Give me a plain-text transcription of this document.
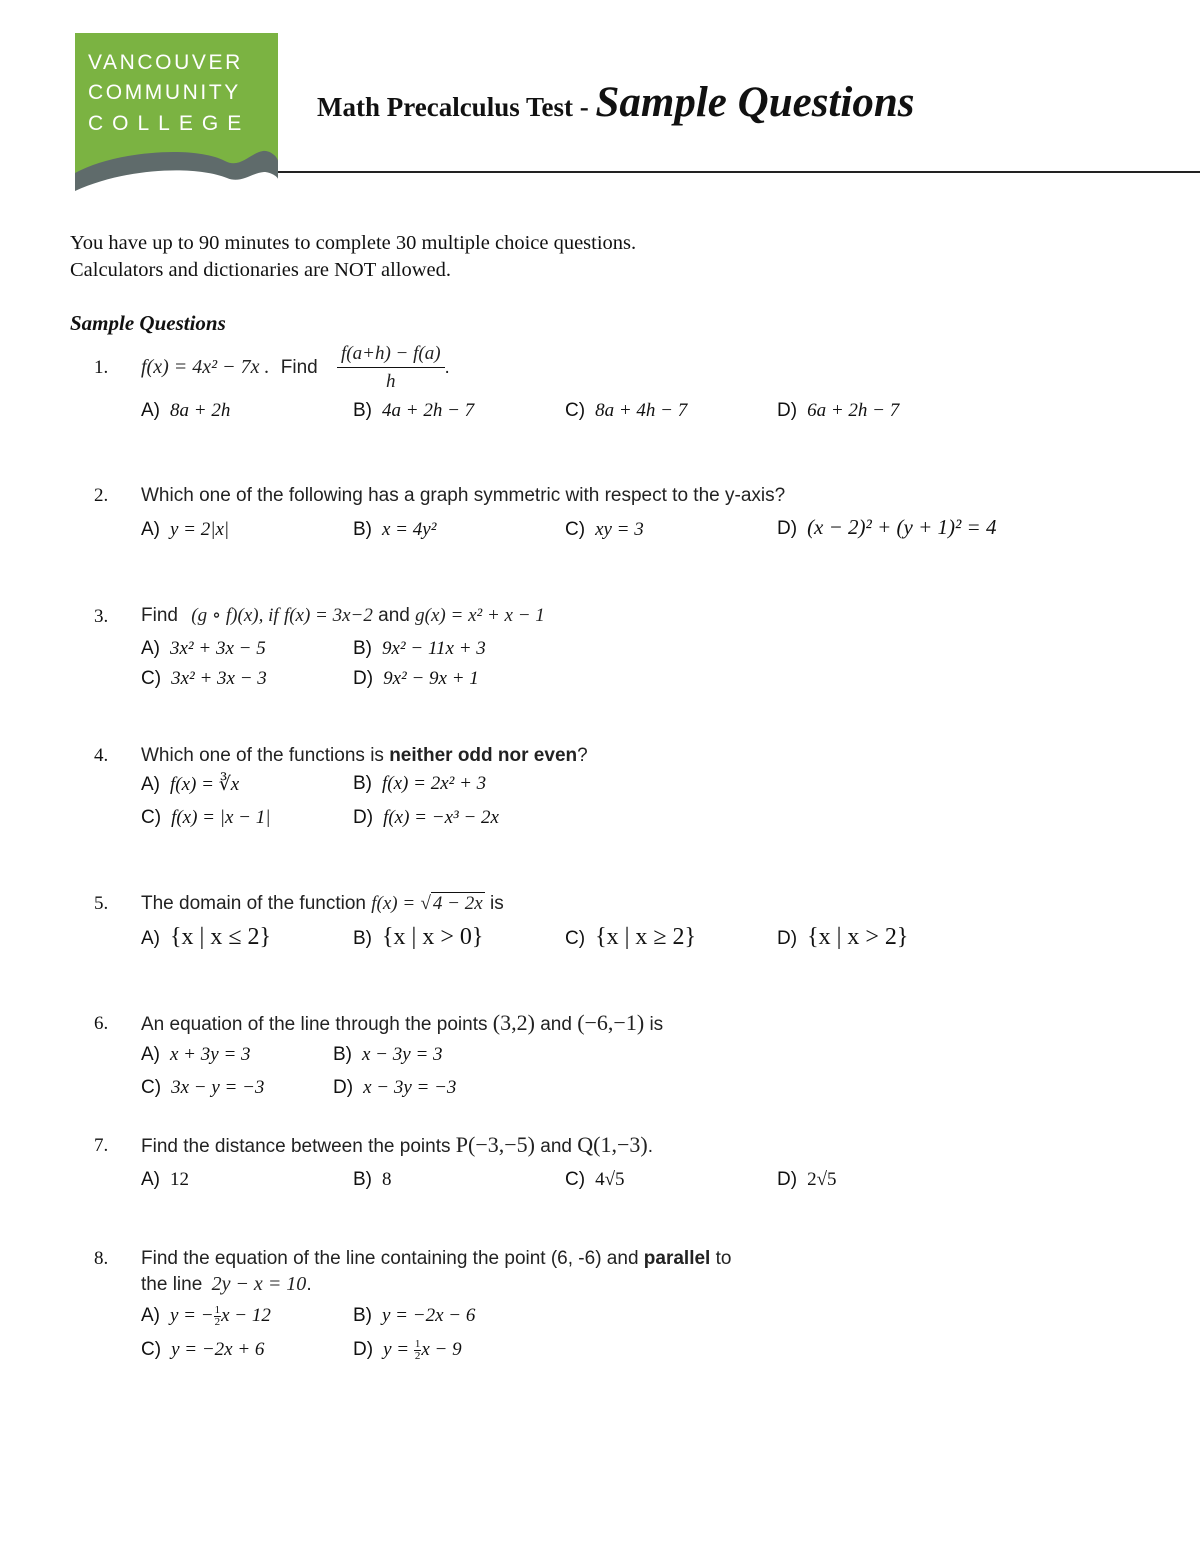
VANCOUVER
COMMUNITY
COLLEGE
Math Precalculus Test - Sample Questions
You have up to 90 minutes to complete 30 multiple choice questions.
Calculators and dictionaries are NOT allowed.
Sample Questions
1. f(x) = 4x² − 7x . Find $\frac{f(a+h) - f(a)}{h}$ .
A) 8a + 2h	B) 4a + 2h − 7	C) 8a + 4h − 7	D) 6a + 2h − 7
2. Which one of the following has a graph symmetric with respect to the y-axis?
A) y = 2|x|	B) x = 4y²	C) xy = 3	D) (x − 2)² + (y + 1)² = 4
3. Find (g ∘ f)(x), if f(x) = 3x−2 and g(x) = x² + x − 1
A) 3x² + 3x − 5	B) 9x² − 11x + 3
C) 3x² + 3x − 3	D) 9x² − 9x + 1
4. Which one of the functions is neither odd nor even?
A) f(x) = ∛x	B) f(x) = 2x² + 3
C) f(x) = |x − 1|	D) f(x) = −x³ − 2x
5. The domain of the function f(x) = √ 4 − 2x is
A) {x | x ≤ 2}	B) {x | x > 0}	C) {x | x ≥ 2}	D) {x | x > 2}
6. An equation of the line through the points (3,2) and (−6,−1) is
A) x + 3y = 3	B) x − 3y = 3
C) 3x − y = −3	D) x − 3y = −3
7. Find the distance between the points P(−3,−5) and Q(1,−3).
A) 12	B) 8	C) 4√5	D) 2√5
8. Find the equation of the line containing the point (6, -6) and parallel to
the line 2y − x = 10.
A) y = − $\frac{1}{2}$ x − 12	B) y = −2x − 6
C) y = −2x + 6	D) $y = \frac{1}{2}$ x − 9
